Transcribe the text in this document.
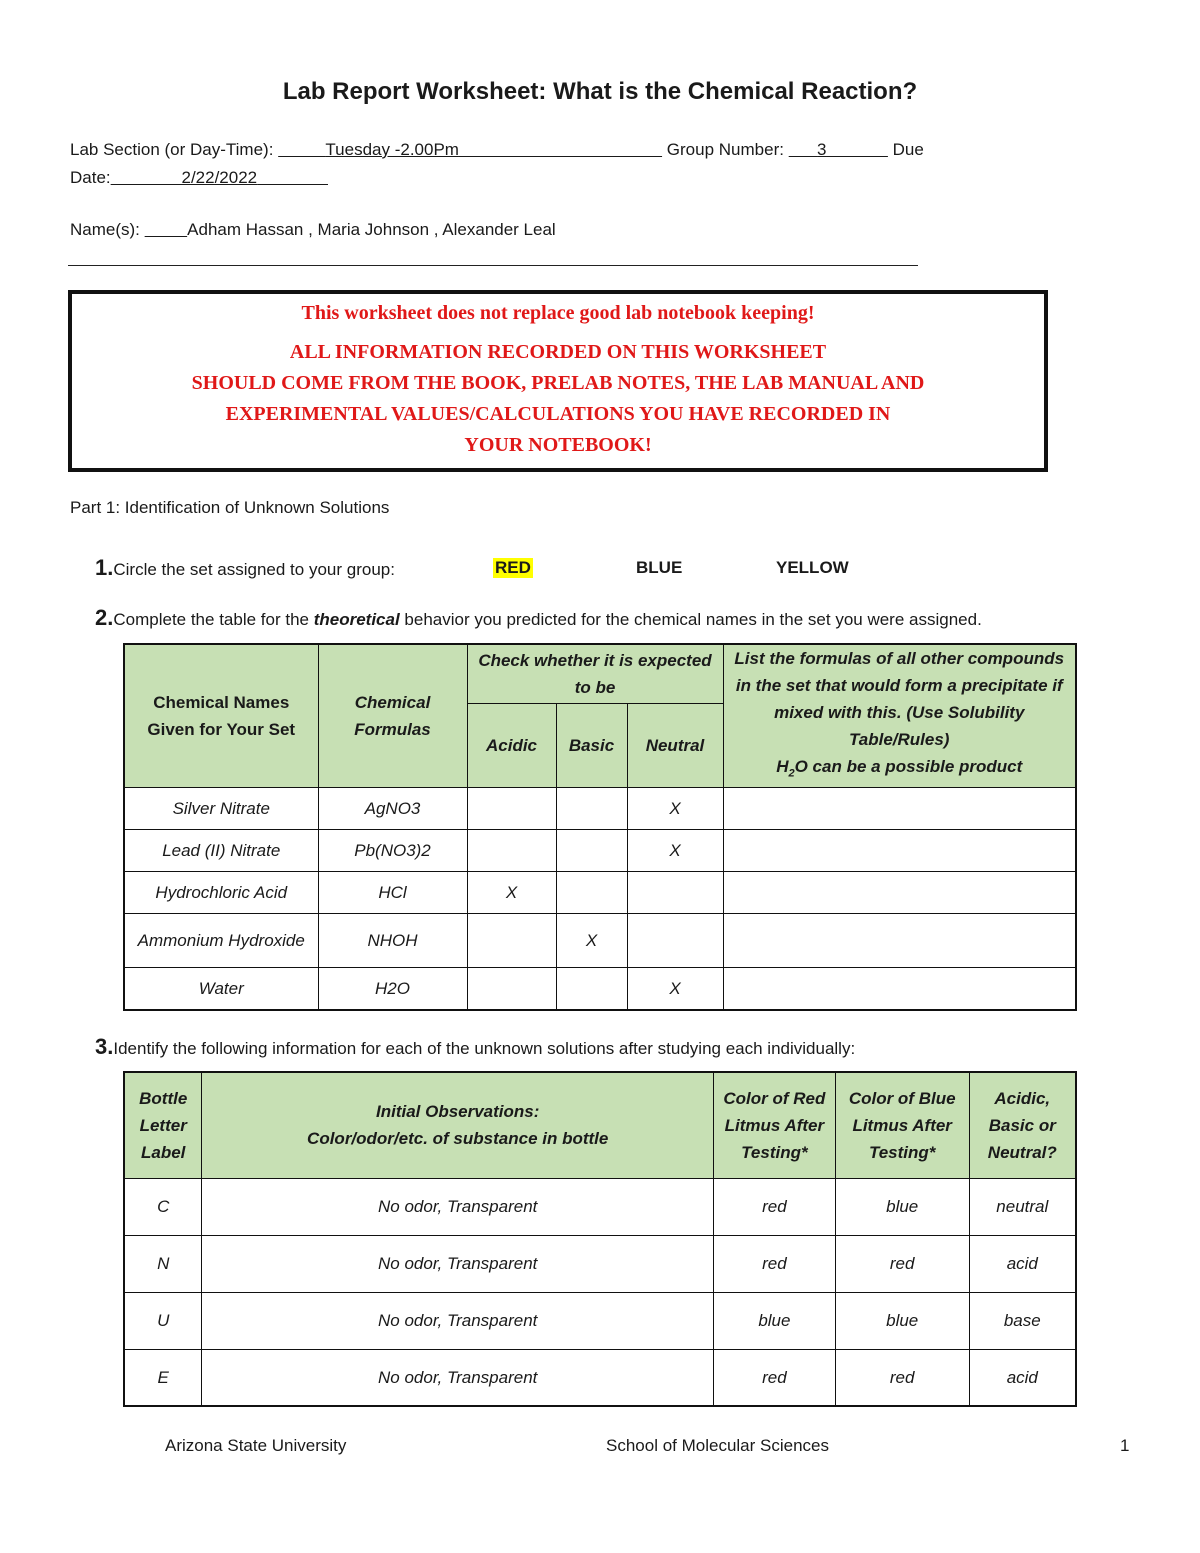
Lab Report Worksheet: What is the Chemical Reaction?
Lab Section (or Day-Time):	Tuesday -2.00Pm	Group Number: 3	Due
Date:	2/22/2022
Name(s):	Adham Hassan , Maria Johnson , Alexander Leal
This worksheet does not replace good lab notebook keeping!
ALL INFORMATION RECORDED ON THIS WORKSHEET
SHOULD COME FROM THE BOOK, PRELAB NOTES, THE LAB MANUAL AND
EXPERIMENTAL VALUES/CALCULATIONS YOU HAVE RECORDED IN
YOUR NOTEBOOK!
Part 1: Identification of Unknown Solutions
1.Circle the set assigned to your group:	RED	BLUE	YELLOW
2.Complete the table for the theoretical behavior you predicted for the chemical names in the set you were assigned.
Chemical Names Given for Your Set	Chemical Formulas	Check whether it is expected to be			List the formulas of all other compounds in the set that would form a precipitate if mixed with this. (Use Solubility Table/Rules)
$H_2O$ can be a possible product
		Acidic	Basic	Neutral	
Silver Nitrate	AgNO3			X	
Lead (II) Nitrate	Pb(NO3)2			X	
Hydrochloric Acid	HCl	X			
Ammonium Hydroxide	NHOH		X		
Water	H2O			X	
3.Identify the following information for each of the unknown solutions after studying each individually:
Bottle Letter Label	Initial Observations:
Color/odor/etc. of substance in bottle	Color of Red Litmus After Testing*	Color of Blue Litmus After Testing*	Acidic, Basic or Neutral?
C	No odor, Transparent	red	blue	neutral
N	No odor, Transparent	red	red	acid
U	No odor, Transparent	blue	blue	base
E	No odor, Transparent	red	red	acid
Arizona State University	School of Molecular Sciences	1
